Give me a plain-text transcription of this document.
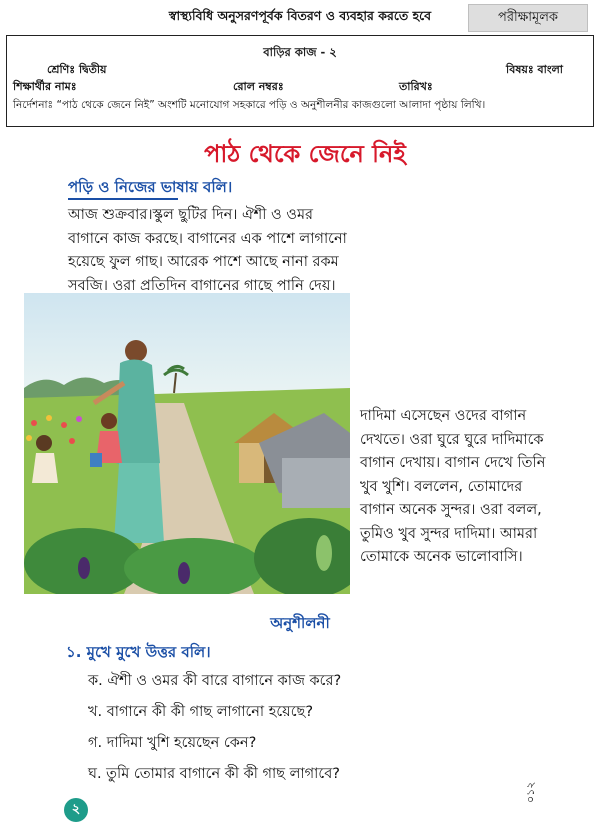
স্বাস্থ্যবিধি অনুসরণপূর্বক বিতরণ ও ব্যবহার করতে হবে	পরীক্ষামূলক
বাড়ির কাজ - ২
শ্রেণিঃ দ্বিতীয়	বিষয়ঃ বাংলা
শিক্ষার্থীর নামঃ	রোল নম্বরঃ	তারিখঃ
নির্দেশনাঃ “পাঠ থেকে জেনে নিই” অংশটি মনোযোগ সহকারে পড়ি ও অনুশীলনীর কাজগুলো আলাদা পৃষ্ঠায় লিখি।
পাঠ থেকে জেনে নিই
পড়ি ও নিজের ভাষায় বলি।
আজ শুক্রবার।স্কুল ছুটির দিন। ঐশী ও ওমর
বাগানে কাজ করছে। বাগানের এক পাশে লাগানো
হয়েছে ফুল গাছ। আরেক পাশে আছে নানা রকম
সবজি। ওরা প্রতিদিন বাগানের গাছে পানি দেয়।
দাদিমা এসেছেন ওদের বাগান
দেখতে। ওরা ঘুরে ঘুরে দাদিমাকে
বাগান দেখায়। বাগান দেখে তিনি
খুব খুশি। বললেন, তোমাদের
বাগান অনেক সুন্দর। ওরা বলল,
তুমিও খুব সুন্দর দাদিমা। আমরা
তোমাকে অনেক ভালোবাসি।
অনুশীলনী
১. মুখে মুখে উত্তর বলি।
ক. ঐশী ও ওমর কী বারে বাগানে কাজ করে?
খ. বাগানে কী কী গাছ লাগানো হয়েছে?
গ. দাদিমা খুশি হয়েছেন কেন?
ঘ. তুমি তোমার বাগানে কী কী গাছ লাগাবে?
২
০১২
